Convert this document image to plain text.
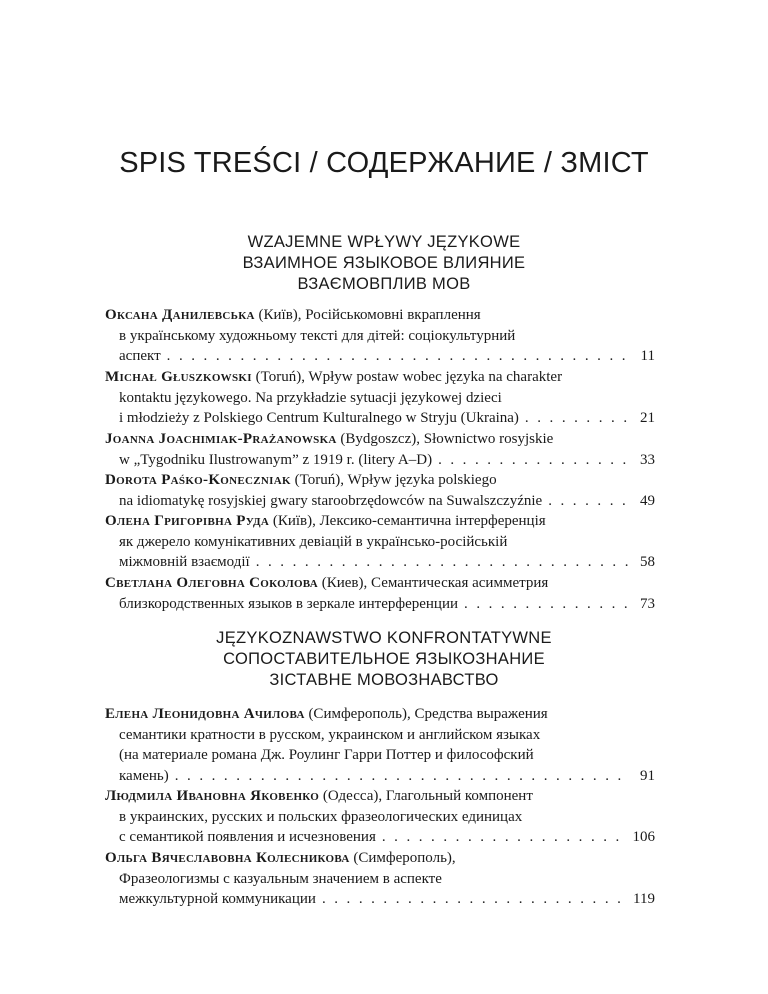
SPIS TREŚCI / СОДЕРЖАНИЕ / ЗМІСТ
WZAJEMNE WPŁYWY JĘZYKOWE
ВЗАИМНОЕ ЯЗЫКОВОЕ ВЛИЯНИЕ
ВЗАЄМОВПЛИВ МОВ
Оксана Данилевська (Київ), Російськомовні вкраплення
в українському художньому тексті для дітей: соціокультурний
аспект . . .	11
Michał Głuszkowski (Toruń), Wpływ postaw wobec języka na charakter
kontaktu językowego. Na przykładzie sytuacji językowej dzieci
i młodzieży z Polskiego Centrum Kulturalnego w Stryju (Ukraina) . . .	21
Joanna Joachimiak-Prażanowska (Bydgoszcz), Słownictwo rosyjskie
w „Tygodniku Ilustrowanym” z 1919 r. (litery A–D) . . .	33
Dorota Paśko-Koneczniak (Toruń), Wpływ języka polskiego
na idiomatykę rosyjskiej gwary staroobrzędowców na Suwalszczyźnie . . .	49
Олена Григорівна Руда (Київ), Лексико-семантична інтерференція
як джерело комунікативних девіацій в українсько-російській
міжмовній взаємодії . . .	58
Светлана Олеговна Соколова (Киев), Семантическая асимметрия
близкородственных языков в зеркале интерференции . . .	73
JĘZYKOZNAWSTWO KONFRONTATYWNE
СОПОСТАВИТЕЛЬНОЕ ЯЗЫКОЗНАНИЕ
ЗІСТАВНЕ МОВОЗНАВСТВО
Елена Леонидовна Ачилова (Симферополь), Средства выражения
семантики кратности в русском, украинском и английском языках
(на материале романа Дж. Роулинг Гарри Поттер и философский
камень) . . .	91
Людмила Ивановна Яковенко (Одесса), Глагольный компонент
в украинских, русских и польских фразеологических единицах
с семантикой появления и исчезновения . . .	106
Ольга Вячеславовна Колесникова (Симферополь),
Фразеологизмы с казуальным значением в аспекте
межкультурной коммуникации . . .	119
